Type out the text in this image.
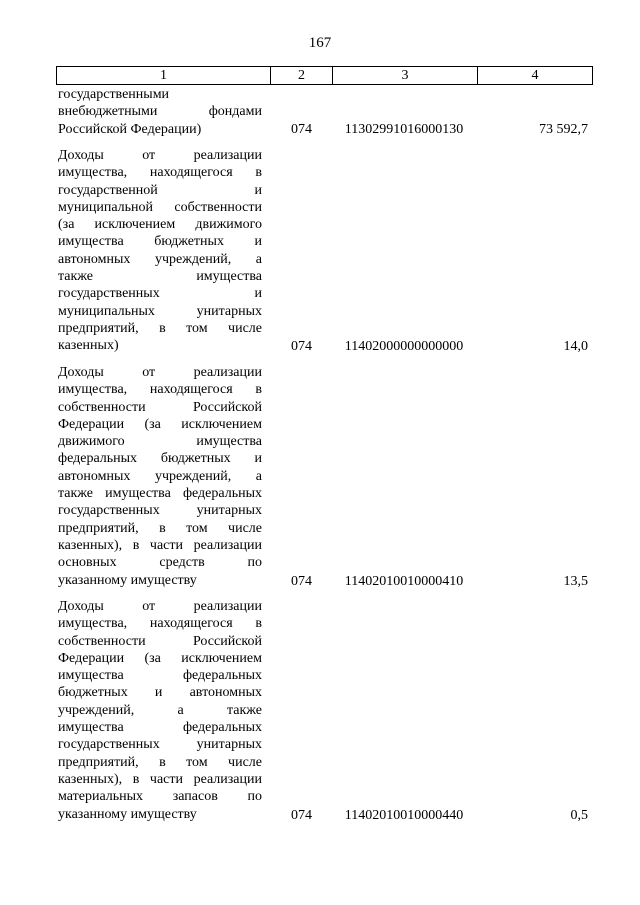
167
1	2	3	4
государственными
внебюджетными фондами
Российской Федерации)	074	11302991016000130	73 592,7
Доходы от реализации
имущества, находящегося в
государственной и
муниципальной собственности
(за исключением движимого
имущества бюджетных и
автономных учреждений, а
также имущества
государственных и
муниципальных унитарных
предприятий, в том числе
казенных)	074	11402000000000000	14,0
Доходы от реализации
имущества, находящегося в
собственности Российской
Федерации (за исключением
движимого имущества
федеральных бюджетных и
автономных учреждений, а
также имущества федеральных
государственных унитарных
предприятий, в том числе
казенных), в части реализации
основных средств по
указанному имуществу	074	11402010010000410	13,5
Доходы от реализации
имущества, находящегося в
собственности Российской
Федерации (за исключением
имущества федеральных
бюджетных и автономных
учреждений, а также
имущества федеральных
государственных унитарных
предприятий, в том числе
казенных), в части реализации
материальных запасов по
указанному имуществу	074	11402010010000440	0,5
